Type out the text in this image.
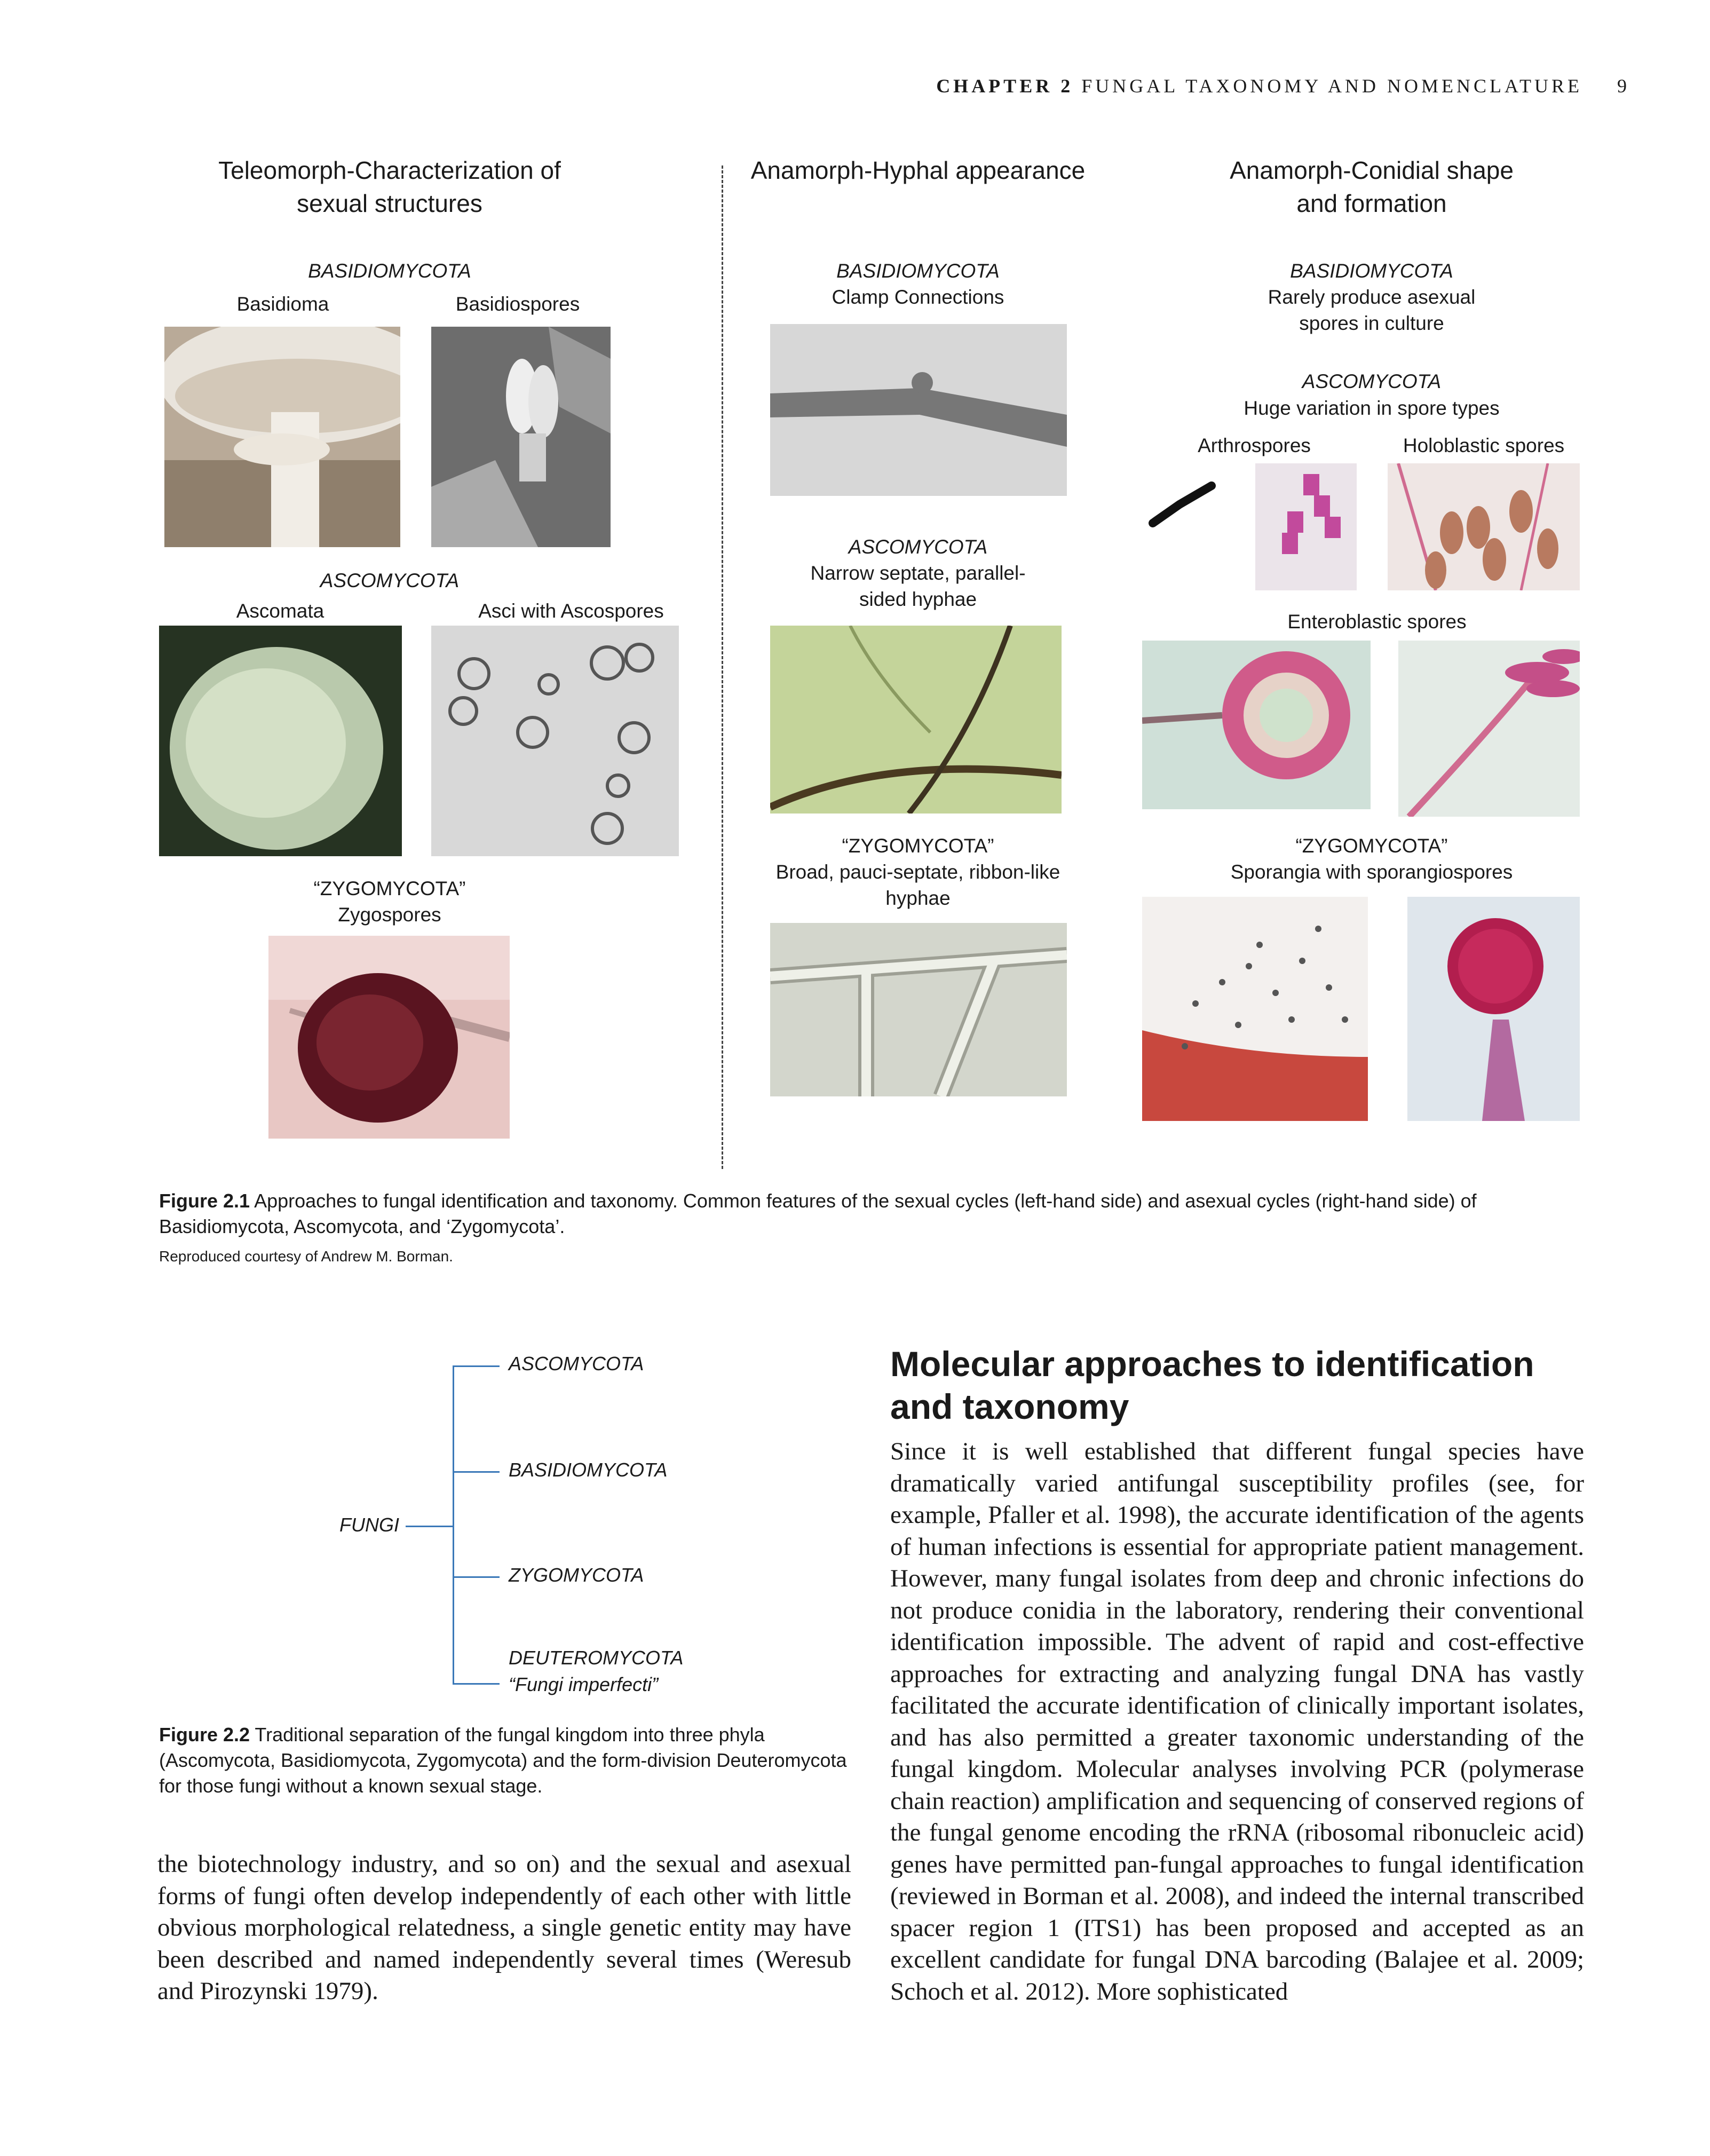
CHAPTER 2 FUNGAL TAXONOMY AND NOMENCLATURE 9
Teleomorph-Characterization of
sexual structures
BASIDIOMYCOTA
Basidioma	Basidiospores
ASCOMYCOTA
Ascomata	Asci with Ascospores
“ZYGOMYCOTA”
Zygospores
Anamorph-Hyphal appearance
BASIDIOMYCOTA
Clamp Connections
ASCOMYCOTA
Narrow septate, parallel-
sided hyphae
“ZYGOMYCOTA”
Broad, pauci-septate, ribbon-like
hyphae
Anamorph-Conidial shape
and formation
BASIDIOMYCOTA
Rarely produce asexual
spores in culture
ASCOMYCOTA
Huge variation in spore types
Arthrospores	Holoblastic spores
Enteroblastic spores
“ZYGOMYCOTA”
Sporangia with sporangiospores
Figure 2.1 Approaches to fungal identification and taxonomy. Common features of the sexual cycles (left-hand side) and asexual cycles (right-hand side) of Basidiomycota, Ascomycota, and ‘Zygomycota’.
Reproduced courtesy of Andrew M. Borman.
FUNGI
ASCOMYCOTA
BASIDIOMYCOTA
ZYGOMYCOTA
DEUTEROMYCOTA
“Fungi imperfecti”
Figure 2.2 Traditional separation of the fungal kingdom into three phyla (Ascomycota, Basidiomycota, Zygomycota) and the form-division Deuteromycota for those fungi without a known sexual stage.
the biotechnology industry, and so on) and the sexual and asexual forms of fungi often develop independently of each other with little obvious morphological relatedness, a single genetic entity may have been described and named independently several times (Weresub and Pirozynski 1979).
Molecular approaches to identification and taxonomy
Since it is well established that different fungal species have dramatically varied antifungal susceptibility profiles (see, for example, Pfaller et al. 1998), the accurate identification of the agents of human infections is essential for appropriate patient management. However, many fungal isolates from deep and chronic infections do not produce conidia in the laboratory, rendering their conventional identification impossible. The advent of rapid and cost-effective approaches for extracting and analyzing fungal DNA has vastly facilitated the accurate identification of clinically important isolates, and has also permitted a greater taxonomic understanding of the fungal kingdom. Molecular analyses involving PCR (polymerase chain reaction) amplification and sequencing of conserved regions of the fungal genome encoding the rRNA (ribosomal ribonucleic acid) genes have permitted pan-fungal approaches to fungal identification (reviewed in Borman et al. 2008), and indeed the internal transcribed spacer region 1 (ITS1) has been proposed and accepted as an excellent candidate for fungal DNA barcoding (Balajee et al. 2009; Schoch et al. 2012). More sophisticated
